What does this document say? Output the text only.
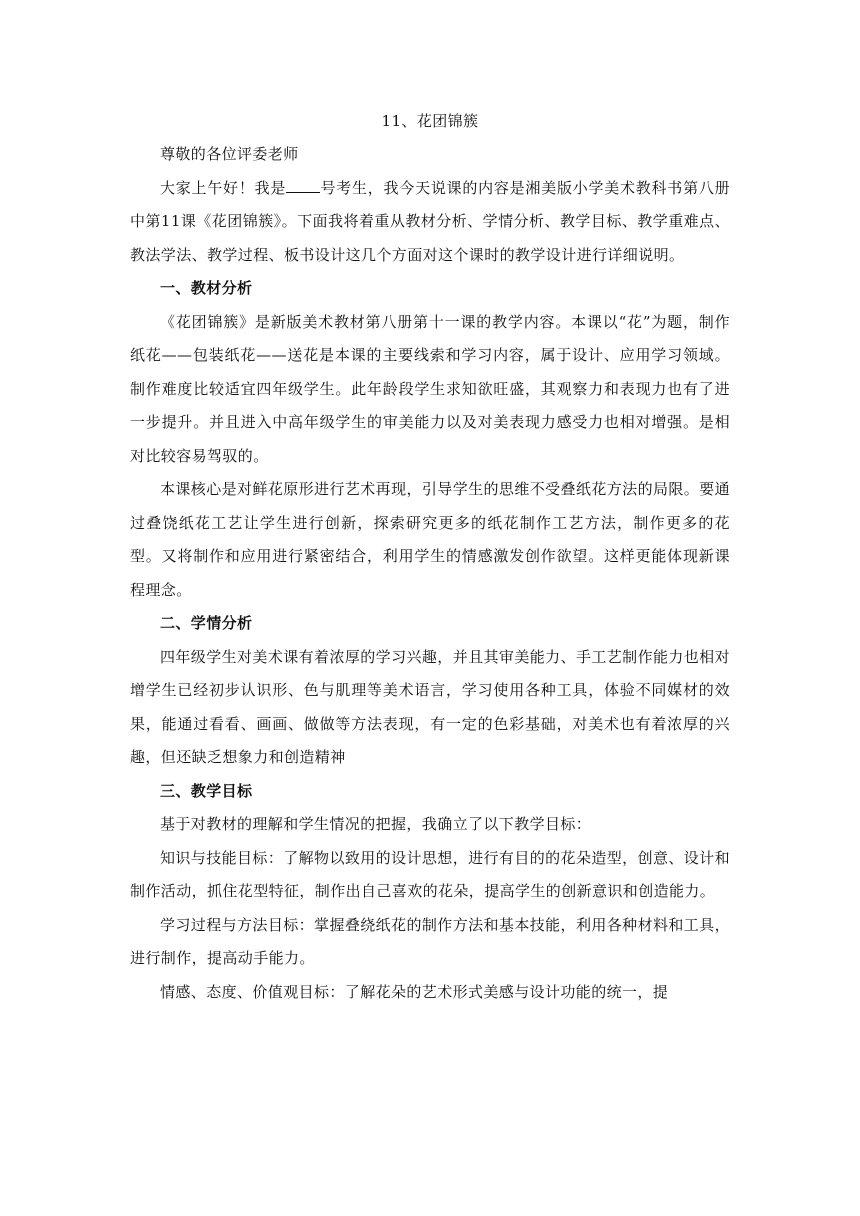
11、花团锦簇

尊敬的各位评委老师

大家上午好！我是 号考生，我今天说课的内容是湘美版小学美术教科书第八册中第11课《花团锦簇》。下面我将着重从教材分析、学情分析、教学目标、教学重难点、教法学法、教学过程、板书设计这几个方面对这个课时的教学设计进行详细说明。

一、教材分析

《花团锦簇》是新版美术教材第八册第十一课的教学内容。本课以“花”为题，制作纸花——包装纸花——送花是本课的主要线索和学习内容，属于设计、应用学习领域。制作难度比较适宜四年级学生。此年龄段学生求知欲旺盛，其观察力和表现力也有了进一步提升。并且进入中高年级学生的审美能力以及对美表现力感受力也相对增强。是相对比较容易驾驭的。

本课核心是对鲜花原形进行艺术再现，引导学生的思维不受叠纸花方法的局限。要通过叠饶纸花工艺让学生进行创新，探索研究更多的纸花制作工艺方法，制作更多的花型。又将制作和应用进行紧密结合，利用学生的情感激发创作欲望。这样更能体现新课程理念。

二、学情分析

四年级学生对美术课有着浓厚的学习兴趣，并且其审美能力、手工艺制作能力也相对增学生已经初步认识形、色与肌理等美术语言，学习使用各种工具，体验不同媒材的效果，能通过看看、画画、做做等方法表现，有一定的色彩基础，对美术也有着浓厚的兴趣，但还缺乏想象力和创造精神

三、教学目标

基于对教材的理解和学生情况的把握，我确立了以下教学目标：

知识与技能目标：了解物以致用的设计思想，进行有目的的花朵造型，创意、设计和制作活动，抓住花型特征，制作出自己喜欢的花朵，提高学生的创新意识和创造能力。

学习过程与方法目标：掌握叠绕纸花的制作方法和基本技能，利用各种材料和工具，进行制作，提高动手能力。

情感、态度、价值观目标：了解花朵的艺术形式美感与设计功能的统一，提
